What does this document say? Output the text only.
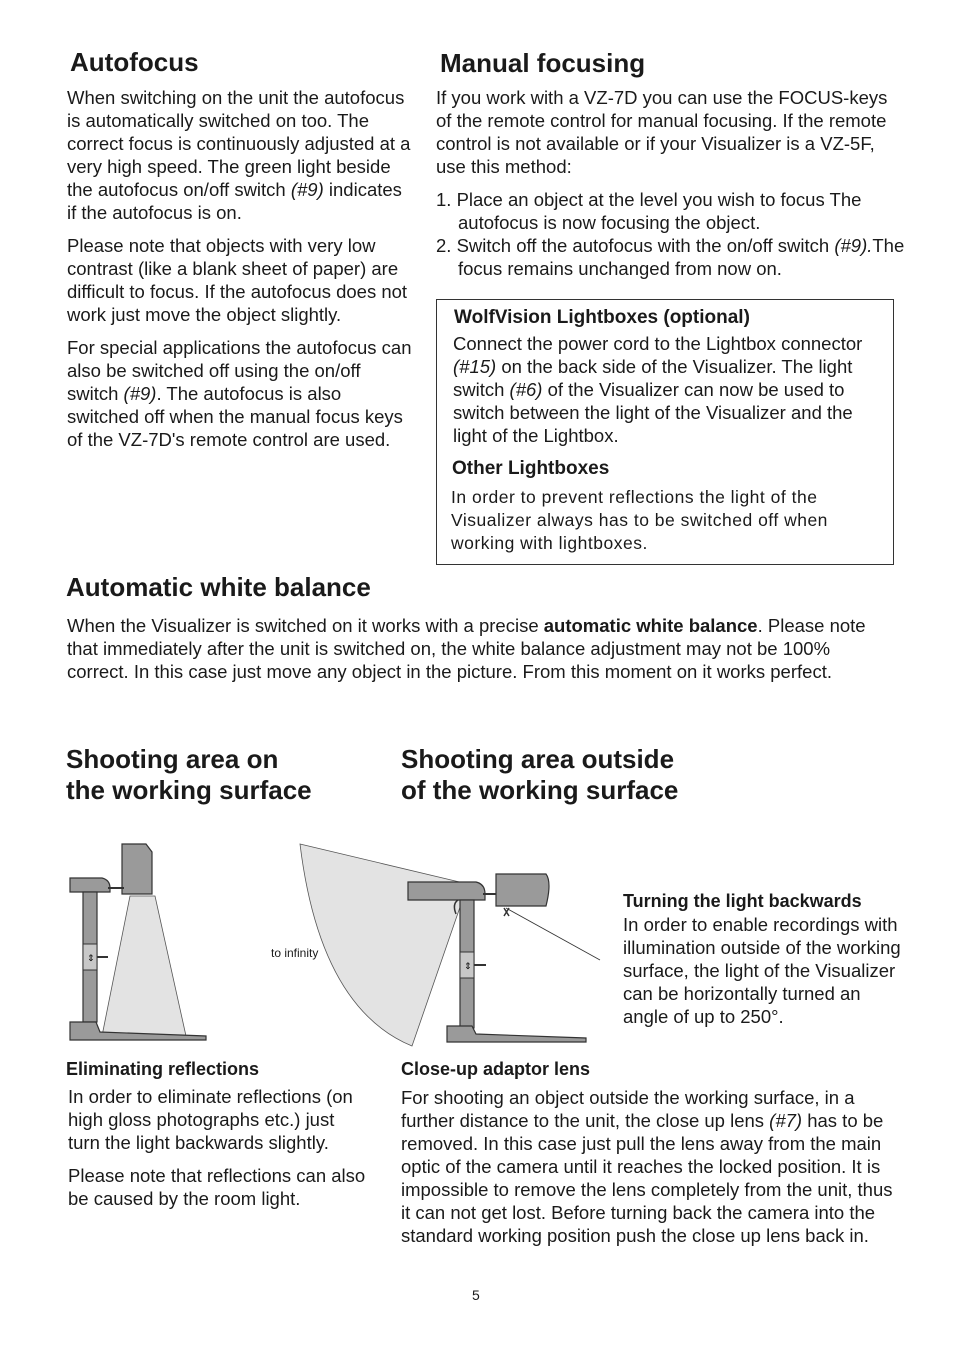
Autofocus

When switching on the unit the autofocus is automatically switched on too. The correct focus is continuously adjusted at a very high speed. The green light beside the autofocus on/off switch (#9) indicates if the autofocus is on.

Please note that objects with very low contrast (like a blank sheet of paper) are difficult to focus. If the autofocus does not work just move the object slightly.

For special applications the autofocus can also be switched off using the on/off switch (#9). The autofocus is also switched off when the manual focus keys of the VZ-7D's remote control are used.

Manual focusing

If you work with a VZ-7D you can use the FOCUS-keys of the remote control for manual focusing. If the remote control is not available or if your Visualizer is a VZ-5F, use this method:

1. Place an object at the level you wish to focus The autofocus is now focusing the object.
2. Switch off the autofocus with the on/off switch (#9).The focus remains unchanged from now on.
WolfVision Lightboxes (optional)
Connect the power cord to the Lightbox connector (#15) on the back side of the Visualizer. The light switch (#6) of the Visualizer can now be used to switch between the light of the Visualizer and the light of the Lightbox.
Other Lightboxes
In order to prevent reflections the light of the Visualizer always has to be switched off when working with lightboxes.
Automatic white balance
When the Visualizer is switched on it works with a precise automatic white balance. Please note that immediately after the unit is switched on, the white balance adjustment may not be 100% correct. In this case just move any object in the picture. From this moment on it works perfect.
Shooting area on
the working surface
Shooting area outside
of the working surface
⇕
⇕
to infinity
Turning the light backwards
In order to enable recordings with illumination outside of the working surface, the light of the Visualizer can be horizontally turned an angle of up to 250°.
Eliminating reflections

In order to eliminate reflections (on high gloss photographs etc.) just turn the light backwards slightly.

Please note that reflections can also be caused by the room light.

Close-up adaptor lens
For shooting an object outside the working surface, in a further distance to the unit, the close up lens (#7) has to be removed. In this case just pull the lens away from the main optic of the camera until it reaches the locked position. It is impossible to remove the lens completely from the unit, thus it can not get lost. Before turning back the camera into the standard working position push the close up lens back in.
5
